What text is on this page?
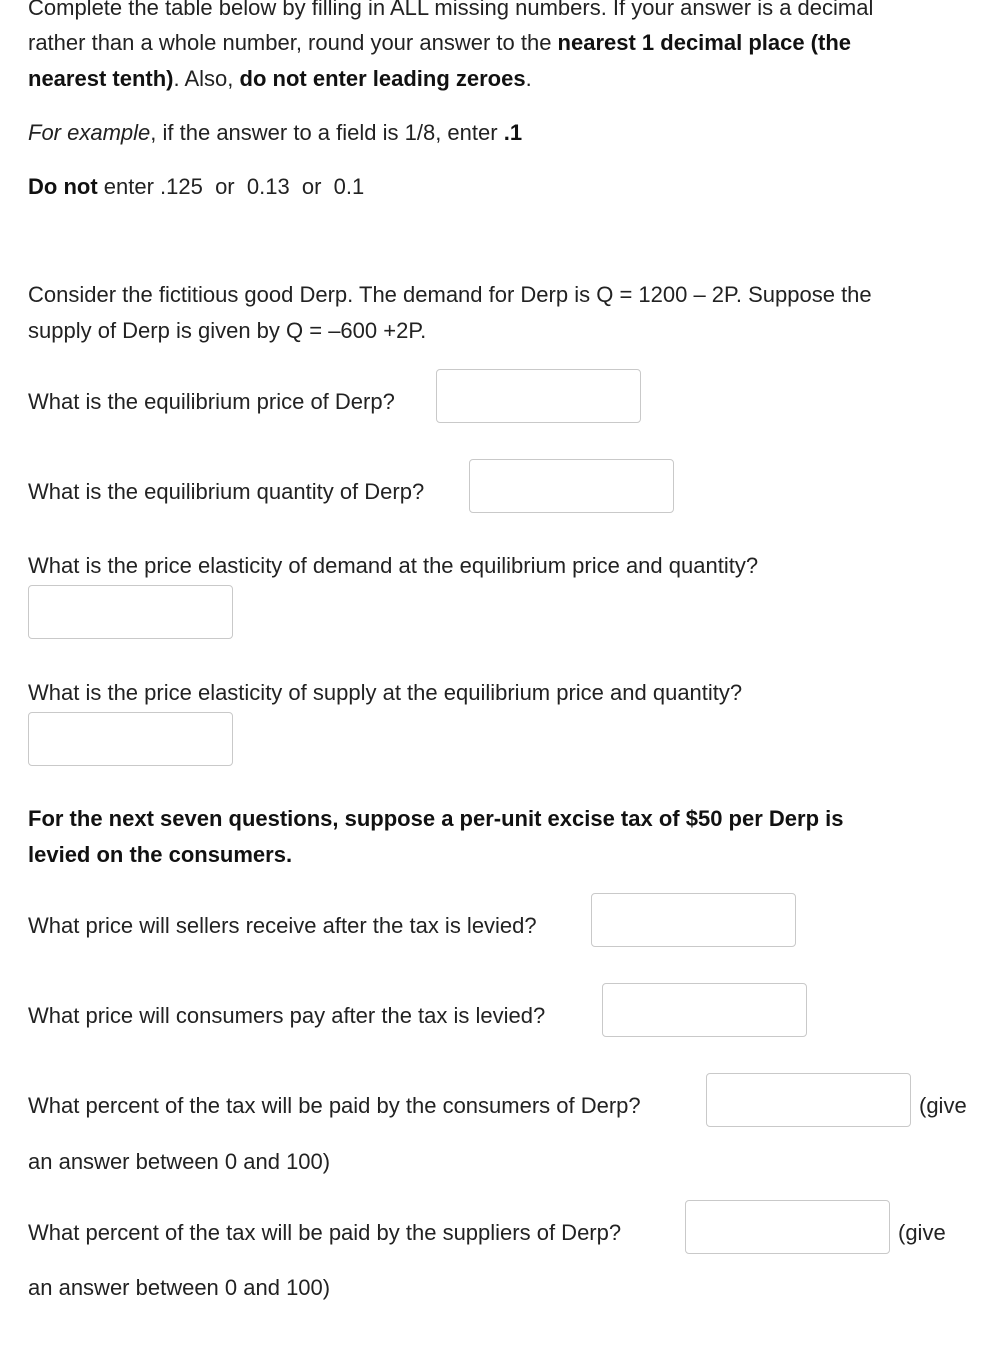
Complete the table below by filling in ALL missing numbers. If your answer is a decimal
rather than a whole number, round your answer to the nearest 1 decimal place (the
nearest tenth). Also, do not enter leading zeroes.
For example, if the answer to a field is 1/8, enter .1
Do not enter .125  or  0.13  or  0.1
Consider the fictitious good Derp. The demand for Derp is Q = 1200 – 2P. Suppose the
supply of Derp is given by Q = –600 +2P.
What is the equilibrium price of Derp?
What is the equilibrium quantity of Derp?
What is the price elasticity of demand at the equilibrium price and quantity?
What is the price elasticity of supply at the equilibrium price and quantity?
For the next seven questions, suppose a per-unit excise tax of $50 per Derp is
levied on the consumers.
What price will sellers receive after the tax is levied?
What price will consumers pay after the tax is levied?
What percent of the tax will be paid by the consumers of Derp?	(give
an answer between 0 and 100)
What percent of the tax will be paid by the suppliers of Derp?	(give
an answer between 0 and 100)
